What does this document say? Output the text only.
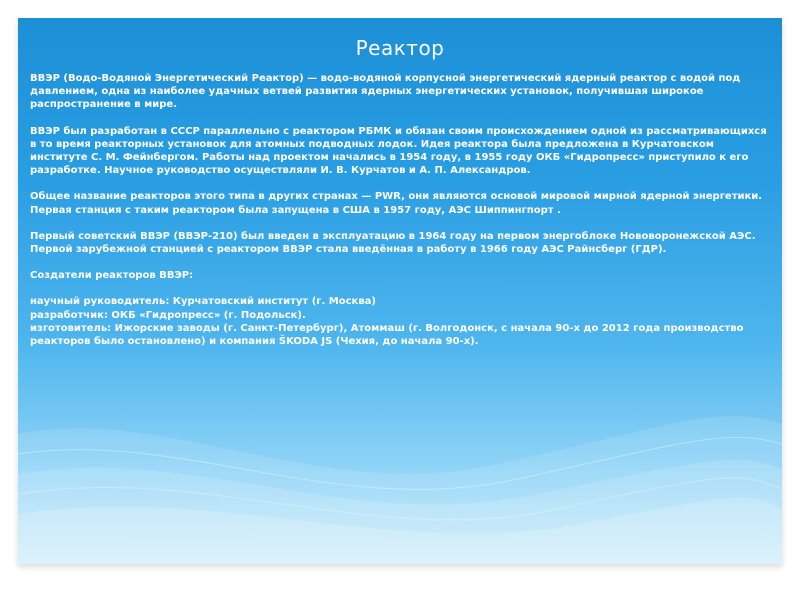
Реактор

ВВЭР (Водо-Водяной Энергетический Реактор) — водо-водяной корпусной энергетический ядерный реактор с водой под давлением, одна из наиболее удачных ветвей развития ядерных энергетических установок, получившая широкое распространение в мире.

ВВЭР был разработан в СССР параллельно с реактором РБМК и обязан своим происхождением одной из рассматривающихся в то время реакторных установок для атомных подводных лодок. Идея реактора была предложена в Курчатовском институте С. М. Фейнбергом. Работы над проектом начались в 1954 году, в 1955 году ОКБ «Гидропресс» приступило к его разработке. Научное руководство осуществляли И. В. Курчатов и А. П. Александров.

Общее название реакторов этого типа в других странах — PWR, они являются основой мировой мирной ядерной энергетики. Первая станция с таким реактором была запущена в США в 1957 году, АЭС Шиппингпорт .

Первый советский ВВЭР (ВВЭР-210) был введен в эксплуатацию в 1964 году на первом энергоблоке Нововоронежской АЭС. Первой зарубежной станцией с реактором ВВЭР стала введённая в работу в 1966 году АЭС Райнсберг (ГДР).

Создатели реакторов ВВЭР:

научный руководитель: Курчатовский институт (г. Москва)

разработчик: ОКБ «Гидропресс» (г. Подольск).

изготовитель: Ижорские заводы (г. Санкт-Петербург), Атоммаш (г. Волгодонск, с начала 90-х до 2012 года производство реакторов было остановлено) и компания ŠKODA JS (Чехия, до начала 90-х).
